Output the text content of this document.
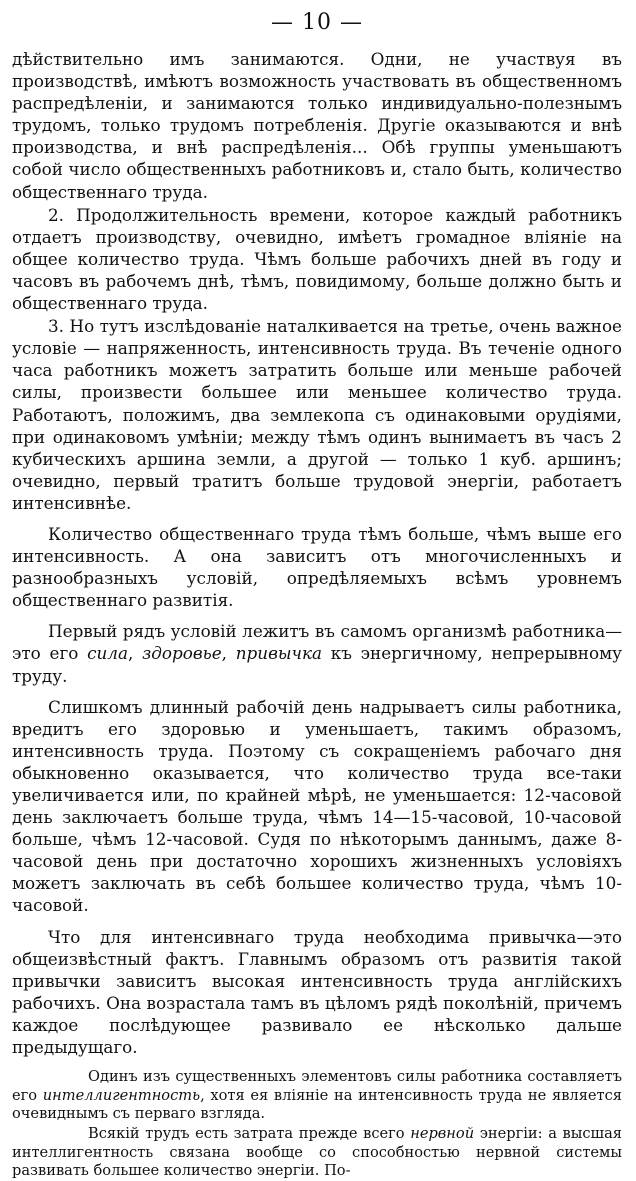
— 10 —

дѣйствительно имъ занимаются. Одни, не участвуя въ производствѣ, имѣютъ возможность участвовать въ общественномъ распредѣленіи, и занимаются только индивидуально-полезнымъ трудомъ, только трудомъ потребленія. Другіе оказываются и внѣ производства, и внѣ распредѣленія... Обѣ группы уменьшаютъ собой число общественныхъ работниковъ и, стало быть, количество общественнаго труда.

2. Продолжительность времени, которое каждый работникъ отдаетъ производству, очевидно, имѣетъ громадное вліяніе на общее количество труда. Чѣмъ больше рабочихъ дней въ году и часовъ въ рабочемъ днѣ, тѣмъ, повидимому, больше должно быть и общественнаго труда.

3. Но тутъ изслѣдованіе наталкивается на третье, очень важное условіе — напряженность, интенсивность труда. Въ теченіе одного часа работникъ можетъ затратить больше или меньше рабочей силы, произвести большее или меньшее количество труда. Работаютъ, положимъ, два землекопа съ одинаковыми орудіями, при одинаковомъ умѣніи; между тѣмъ одинъ вынимаетъ въ часъ 2 кубическихъ аршина земли, а другой — только 1 куб. аршинъ; очевидно, первый тратитъ больше трудовой энергіи, работаетъ интенсивнѣе.

Количество общественнаго труда тѣмъ больше, чѣмъ выше его интенсивность. А она зависитъ отъ многочисленныхъ и разнообразныхъ условій, опредѣляемыхъ всѣмъ уровнемъ общественнаго развитія.

Первый рядъ условій лежитъ въ самомъ организмѣ работника— это его сила, здоровье, привычка къ энергичному, непрерывному труду.

Слишкомъ длинный рабочій день надрываетъ силы работника, вредитъ его здоровью и уменьшаетъ, такимъ образомъ, интенсивность труда. Поэтому съ сокращеніемъ рабочаго дня обыкновенно оказывается, что количество труда все-таки увеличивается или, по крайней мѣрѣ, не уменьшается: 12-часовой день заключаетъ больше труда, чѣмъ 14—15-часовой, 10-часовой больше, чѣмъ 12-часовой. Судя по нѣкоторымъ даннымъ, даже 8-часовой день при достаточно хорошихъ жизненныхъ условіяхъ можетъ заключать въ себѣ большее количество труда, чѣмъ 10-часовой.

Что для интенсивнаго труда необходима привычка—это общеизвѣстный фактъ. Главнымъ образомъ отъ развитія такой привычки зависитъ высокая интенсивность труда англійскихъ рабочихъ. Она возрастала тамъ въ цѣломъ рядѣ поколѣній, причемъ каждое послѣдующее развивало ее нѣсколько дальше предыдущаго.

Одинъ изъ существенныхъ элементовъ силы работника составляетъ его интеллигентность, хотя ея вліяніе на интенсивность труда не является очевиднымъ съ перваго взгляда.

Всякій трудъ есть затрата прежде всего нервной энергіи: а высшая интеллигентность связана вообще со способностью нервной системы развивать большее количество энергіи. По-
